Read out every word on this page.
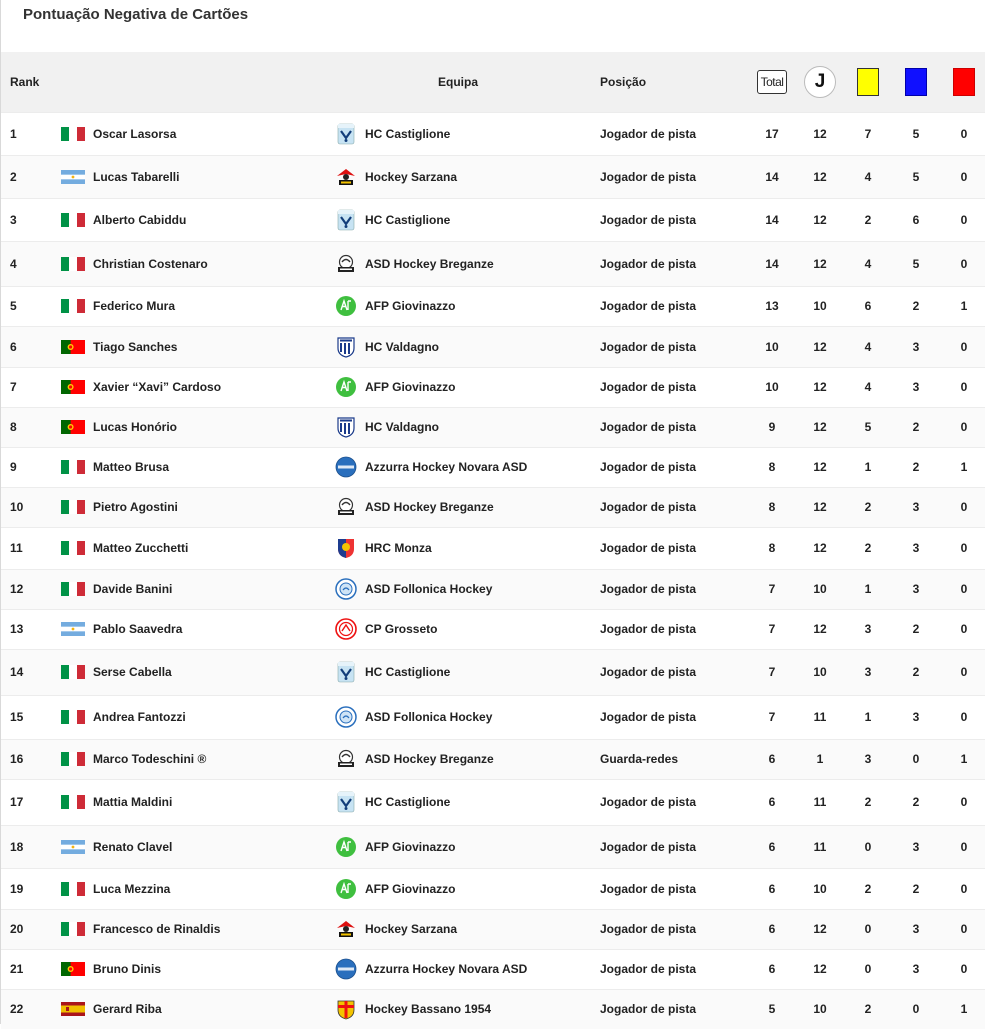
Pontuação Negativa de Cartões
Rank		Equipa	Posição	Total	J			

1	Oscar Lasorsa	HC Castiglione	Jogador de pista	17	12	7	5	0
2	Lucas Tabarelli	Hockey Sarzana	Jogador de pista	14	12	4	5	0
3	Alberto Cabiddu	HC Castiglione	Jogador de pista	14	12	2	6	0
4	Christian Costenaro	ASD Hockey Breganze	Jogador de pista	14	12	4	5	0
5	Federico Mura	AFP Giovinazzo	Jogador de pista	13	10	6	2	1
6	Tiago Sanches	HC Valdagno	Jogador de pista	10	12	4	3	0
7	Xavier “Xavi” Cardoso	AFP Giovinazzo	Jogador de pista	10	12	4	3	0
8	Lucas Honório	HC Valdagno	Jogador de pista	9	12	5	2	0
9	Matteo Brusa	Azzurra Hockey Novara ASD	Jogador de pista	8	12	1	2	1
10	Pietro Agostini	ASD Hockey Breganze	Jogador de pista	8	12	2	3	0
11	Matteo Zucchetti	HRC Monza	Jogador de pista	8	12	2	3	0
12	Davide Banini	ASD Follonica Hockey	Jogador de pista	7	10	1	3	0
13	Pablo Saavedra	CP Grosseto	Jogador de pista	7	12	3	2	0
14	Serse Cabella	HC Castiglione	Jogador de pista	7	10	3	2	0
15	Andrea Fantozzi	ASD Follonica Hockey	Jogador de pista	7	11	1	3	0
16	Marco Todeschini ®	ASD Hockey Breganze	Guarda-redes	6	1	3	0	1
17	Mattia Maldini	HC Castiglione	Jogador de pista	6	11	2	2	0
18	Renato Clavel	AFP Giovinazzo	Jogador de pista	6	11	0	3	0
19	Luca Mezzina	AFP Giovinazzo	Jogador de pista	6	10	2	2	0
20	Francesco de Rinaldis	Hockey Sarzana	Jogador de pista	6	12	0	3	0
21	Bruno Dinis	Azzurra Hockey Novara ASD	Jogador de pista	6	12	0	3	0
22	Gerard Riba	Hockey Bassano 1954	Jogador de pista	5	10	2	0	1
